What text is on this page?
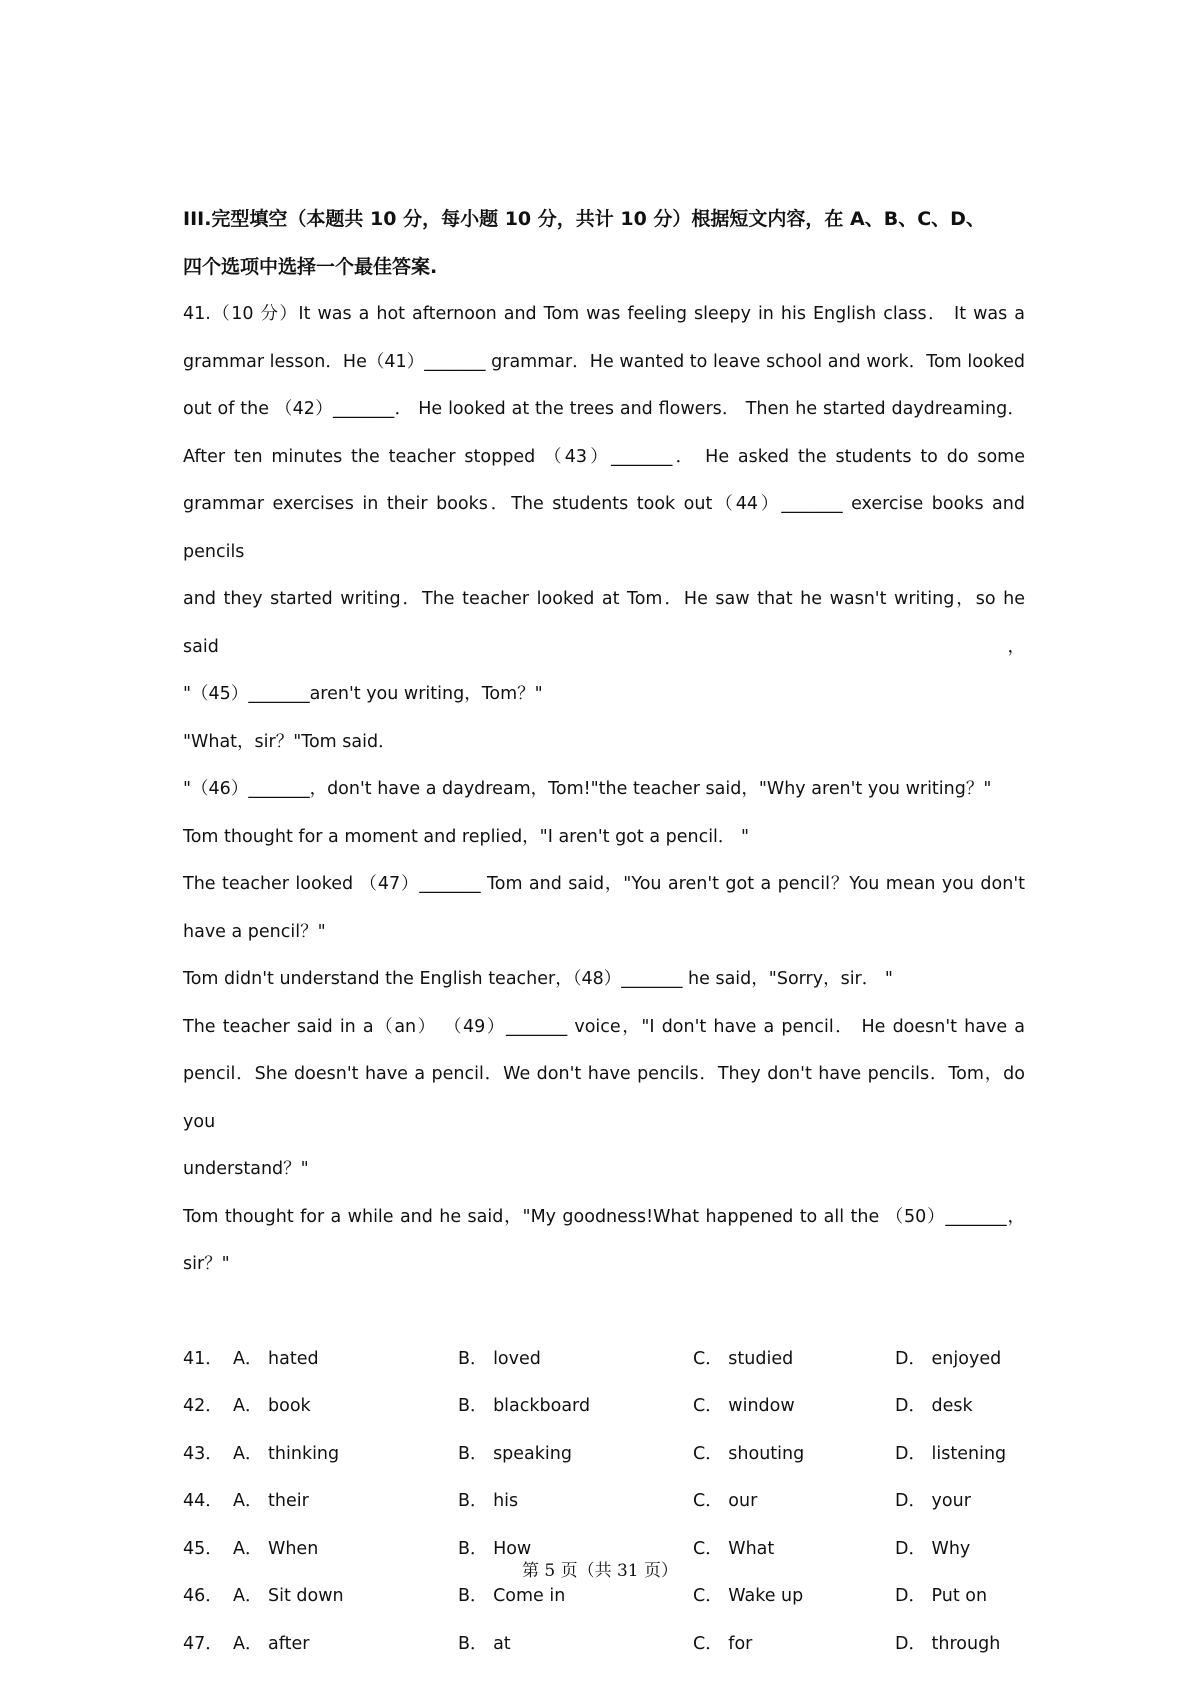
III.完型填空（本题共 10 分，每小题 10 分，共计 10 分）根据短文内容，在 A、B、C、D、
四个选项中选择一个最佳答案.

41.（10 分）It was a hot afternoon and Tom was feeling sleepy in his English class． It was a
grammar lesson．He（41）_______ grammar．He wanted to leave school and work．Tom looked
out of the （42）_______． He looked at the trees and flowers． Then he started daydreaming．
After ten minutes the teacher stopped （43）_______． He asked the students to do some
grammar exercises in their books．The students took out（44）_______ exercise books and pencils
and they started writing．The teacher looked at Tom．He saw that he wasn't writing，so he said，
"（45）_______aren't you writing，Tom？"
"What，sir？"Tom said．
"（46）_______，don't have a daydream，Tom!"the teacher said，"Why aren't you writing？"
Tom thought for a moment and replied，"I aren't got a pencil． "
The teacher looked （47）_______ Tom and said，"You aren't got a pencil？You mean you don't
have a pencil？"
Tom didn't understand the English teacher，（48）_______ he said，"Sorry，sir． "
The teacher said in a（an） （49）_______ voice，"I don't have a pencil． He doesn't have a
pencil．She doesn't have a pencil．We don't have pencils．They don't have pencils．Tom，do you
understand？"
Tom thought for a while and he said，"My goodness!What happened to all the （50）_______，
sir？"
41． A． hated	B． loved	C． studied	D． enjoyed
42． A． book	B． blackboard	C． window	D． desk
43． A． thinking	B． speaking	C． shouting	D． listening
44． A． their	B． his	C． our	D． your
45． A． When	B． How	C． What	D． Why
46． A． Sit down	B． Come in	C． Wake up	D． Put on
47． A． after	B． at	C． for	D． through
第 5 页（共 31 页）
